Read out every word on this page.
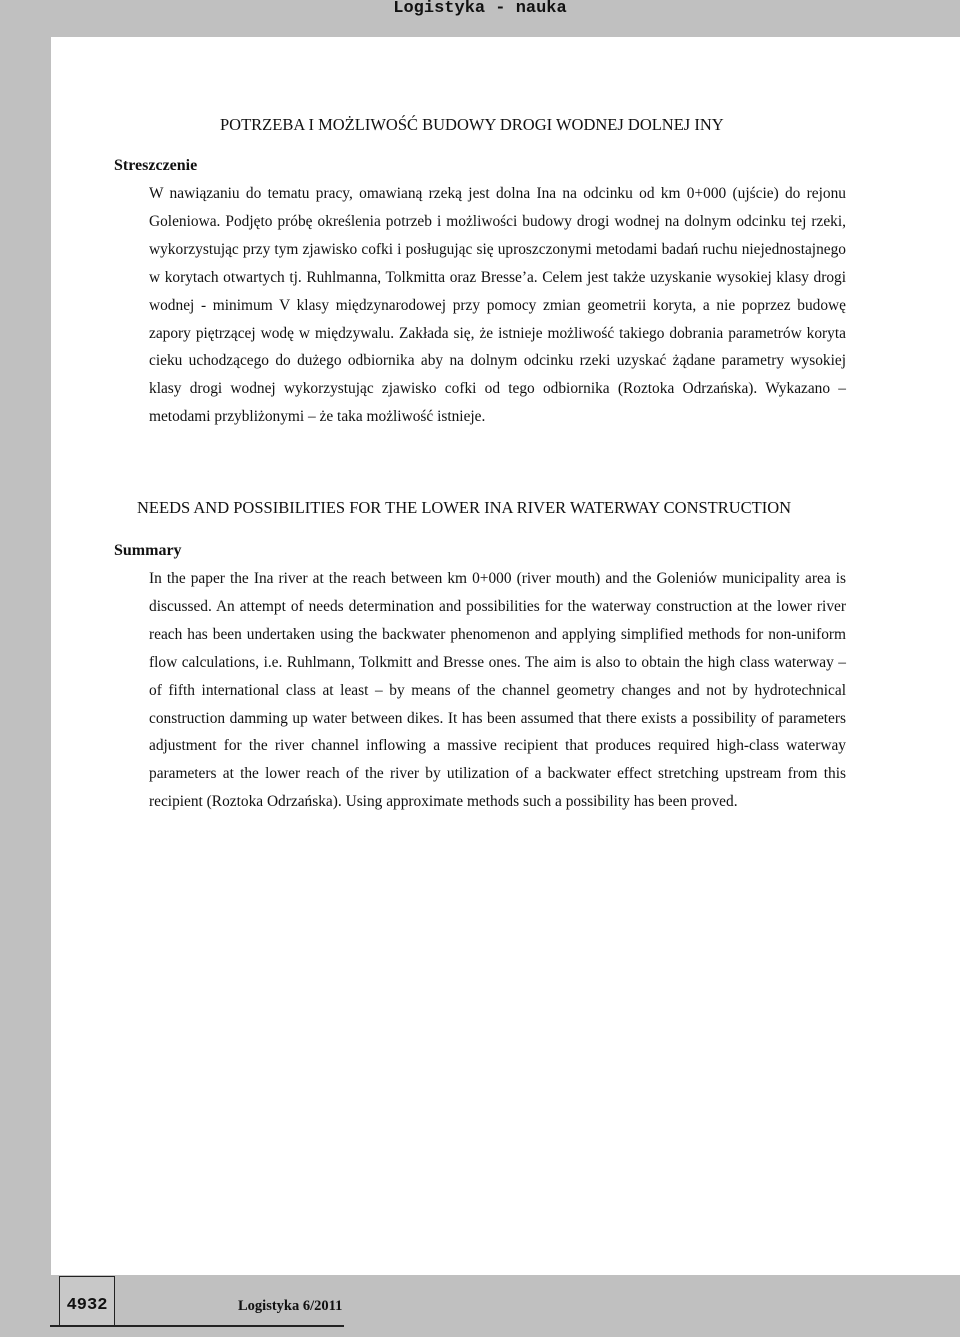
Logistyka - nauka
POTRZEBA I MOŻLIWOŚĆ BUDOWY DROGI WODNEJ DOLNEJ INY
Streszczenie
W nawiązaniu do tematu pracy, omawianą rzeką jest dolna Ina na odcinku od km 0+000 (ujście) do rejonu Goleniowa. Podjęto próbę określenia potrzeb i możliwości budowy drogi wodnej na dolnym odcinku tej rzeki, wykorzystując przy tym zjawisko cofki i posługując się uproszczonymi metodami badań ruchu niejednostajnego w korytach otwartych tj. Ruhlmanna, Tolkmitta oraz Bresse’a. Celem jest także uzyskanie wysokiej klasy drogi wodnej - minimum V klasy międzynarodowej przy pomocy zmian geometrii koryta, a nie poprzez budowę zapory piętrzącej wodę w międzywalu. Zakłada się, że istnieje możliwość takiego dobrania parametrów koryta cieku uchodzącego do dużego odbiornika aby na dolnym odcinku rzeki uzyskać żądane parametry wysokiej klasy drogi wodnej wykorzystując zjawisko cofki od tego odbiornika (Roztoka Odrzańska). Wykazano – metodami przybliżonymi – że taka możliwość istnieje.
NEEDS AND POSSIBILITIES FOR THE LOWER INA RIVER WATERWAY CONSTRUCTION
Summary
In the paper the Ina river at the reach between km 0+000 (river mouth) and the Goleniów municipality area is discussed. An attempt of needs determination and possibilities for the waterway construction at the lower river reach has been undertaken using the backwater phenomenon and applying simplified methods for non-uniform flow calculations, i.e. Ruhlmann, Tolkmitt and Bresse ones. The aim is also to obtain the high class waterway – of fifth international class at least – by means of the channel geometry changes and not by hydrotechnical construction damming up water between dikes. It has been assumed that there exists a possibility of parameters adjustment for the river channel inflowing a massive recipient that produces required high-class waterway parameters at the lower reach of the river by utilization of a backwater effect stretching upstream from this recipient (Roztoka Odrzańska). Using approximate methods such a possibility has been proved.
4932	Logistyka 6/2011
